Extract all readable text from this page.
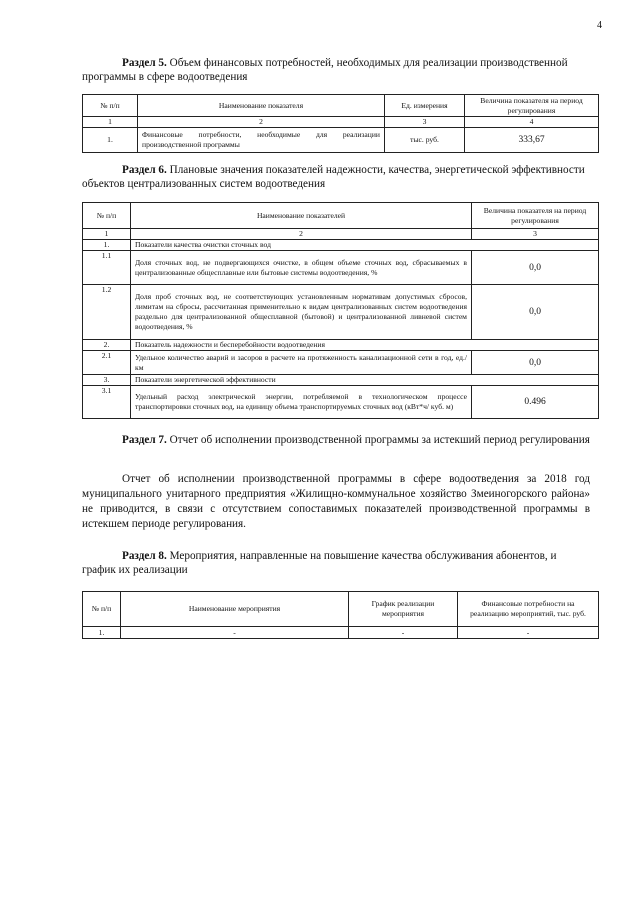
4
Раздел 5. Объем финансовых потребностей, необходимых для реализации производственной программы в сфере водоотведения
№ п/п	Наименование показателя	Ед. измерения	Величина показателя на период регулирования
1	2	3	4
1.	Финансовые потребности, необходимые для реализации производственной программы	тыс. руб.	333,67
Раздел 6. Плановые значения показателей надежности, качества, энергетической эффективности объектов централизованных систем водоотведения
№ п/п	Наименование показателей	Величина показателя на период регулирования
1	2	3
1.	Показатели качества очистки сточных вод	
1.1	Доля сточных вод, не подвергающихся очистке, в общем объеме сточных вод, сбрасываемых в централизованные общесплавные или бытовые системы водоотведения, %	0,0
1.2	Доля проб сточных вод, не соответствующих установленным нормативам допустимых сбросов, лимитам на сбросы, рассчитанная применительно к видам централизованных систем водоотведения раздельно для централизованной общесплавной (бытовой) и централизованной ливневой систем водоотведения, %	0,0
2.	Показатель надежности и бесперебойности водоотведения	
2.1	Удельное количество аварий и засоров в расчете на протяженность канализационной сети в год, ед./км	0,0
3.	Показатели энергетической эффективности	
3.1	Удельный расход электрической энергии, потребляемой в технологическом процессе транспортировки сточных вод, на единицу объема транспортируемых сточных вод (кВт*ч/ куб. м)	0.496
Раздел 7. Отчет об исполнении производственной программы за истекший период регулирования
Отчет об исполнении производственной программы в сфере водоотведения за 2018 год муниципального унитарного предприятия «Жилищно-коммунальное хозяйство Змеиногорского района» не приводится, в связи с отсутствием сопоставимых показателей производственной программы в истекшем периоде регулирования.
Раздел 8. Мероприятия, направленные на повышение качества обслуживания абонентов, и график их реализации
№ п/п	Наименование мероприятия	График реализации мероприятия	Финансовые потребности на реализацию мероприятий, тыс. руб.
1.	-	-	-
